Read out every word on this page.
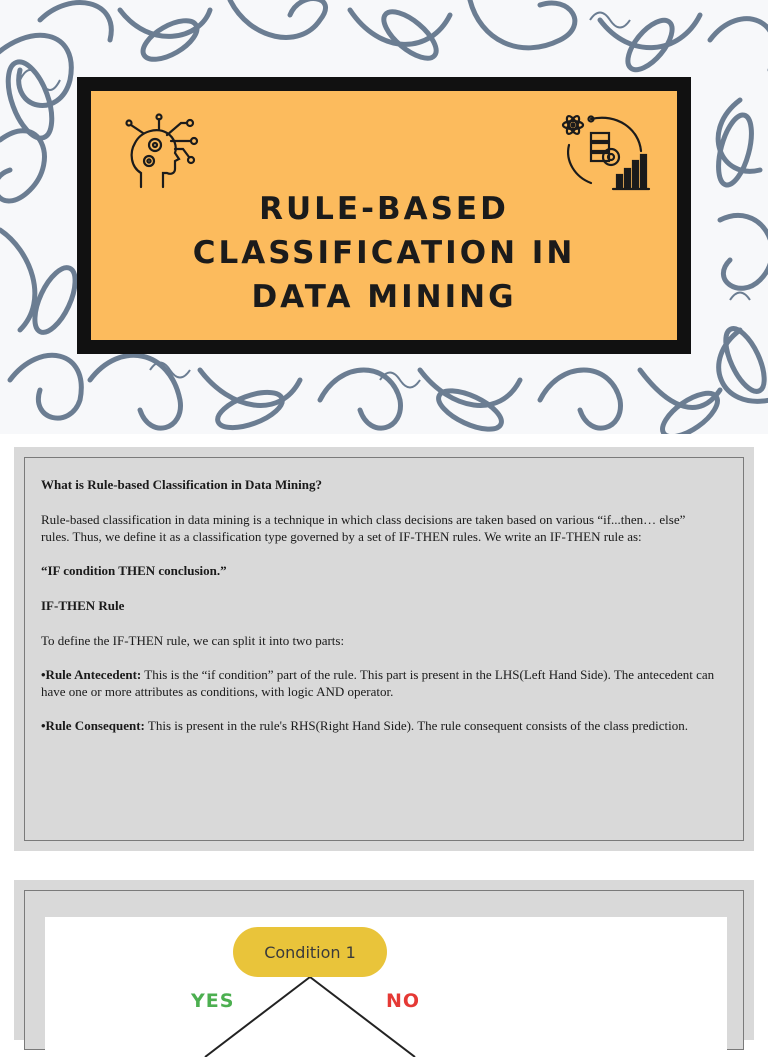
RULE-BASED
CLASSIFICATION IN
DATA MINING

What is Rule-based Classification in Data Mining?

Rule-based classification in data mining is a technique in which class decisions are taken based on various “if...then… else” rules. Thus, we define it as a classification type governed by a set of IF-THEN rules. We write an IF-THEN rule as:

“IF condition THEN conclusion.”

IF-THEN Rule

To define the IF-THEN rule, we can split it into two parts:

•Rule Antecedent: This is the “if condition” part of the rule. This part is present in the LHS(Left Hand Side). The antecedent can have one or more attributes as conditions, with logic AND operator.

•Rule Consequent: This is present in the rule's RHS(Right Hand Side). The rule consequent consists of the class prediction.

Condition 1
YES	NO
